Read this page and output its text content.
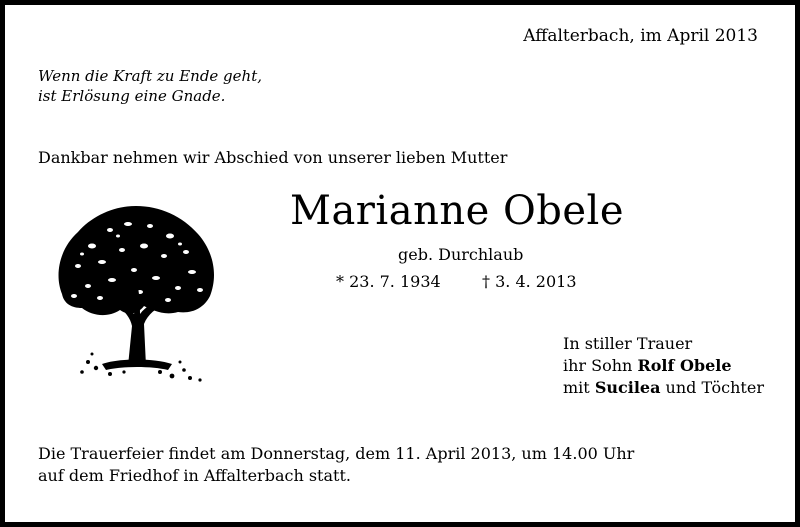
Affalterbach, im April 2013
Wenn die Kraft zu Ende geht,
ist Erlösung eine Gnade.
Dankbar nehmen wir Abschied von unserer lieben Mutter
Marianne Obele
geb. Durchlaub
* 23. 7. 1934	† 3. 4. 2013
In stiller Trauer
ihr Sohn Rolf Obele
mit Sucilea und Töchter
Die Trauerfeier findet am Donnerstag, dem 11. April 2013, um 14.00 Uhr
auf dem Friedhof in Affalterbach statt.
